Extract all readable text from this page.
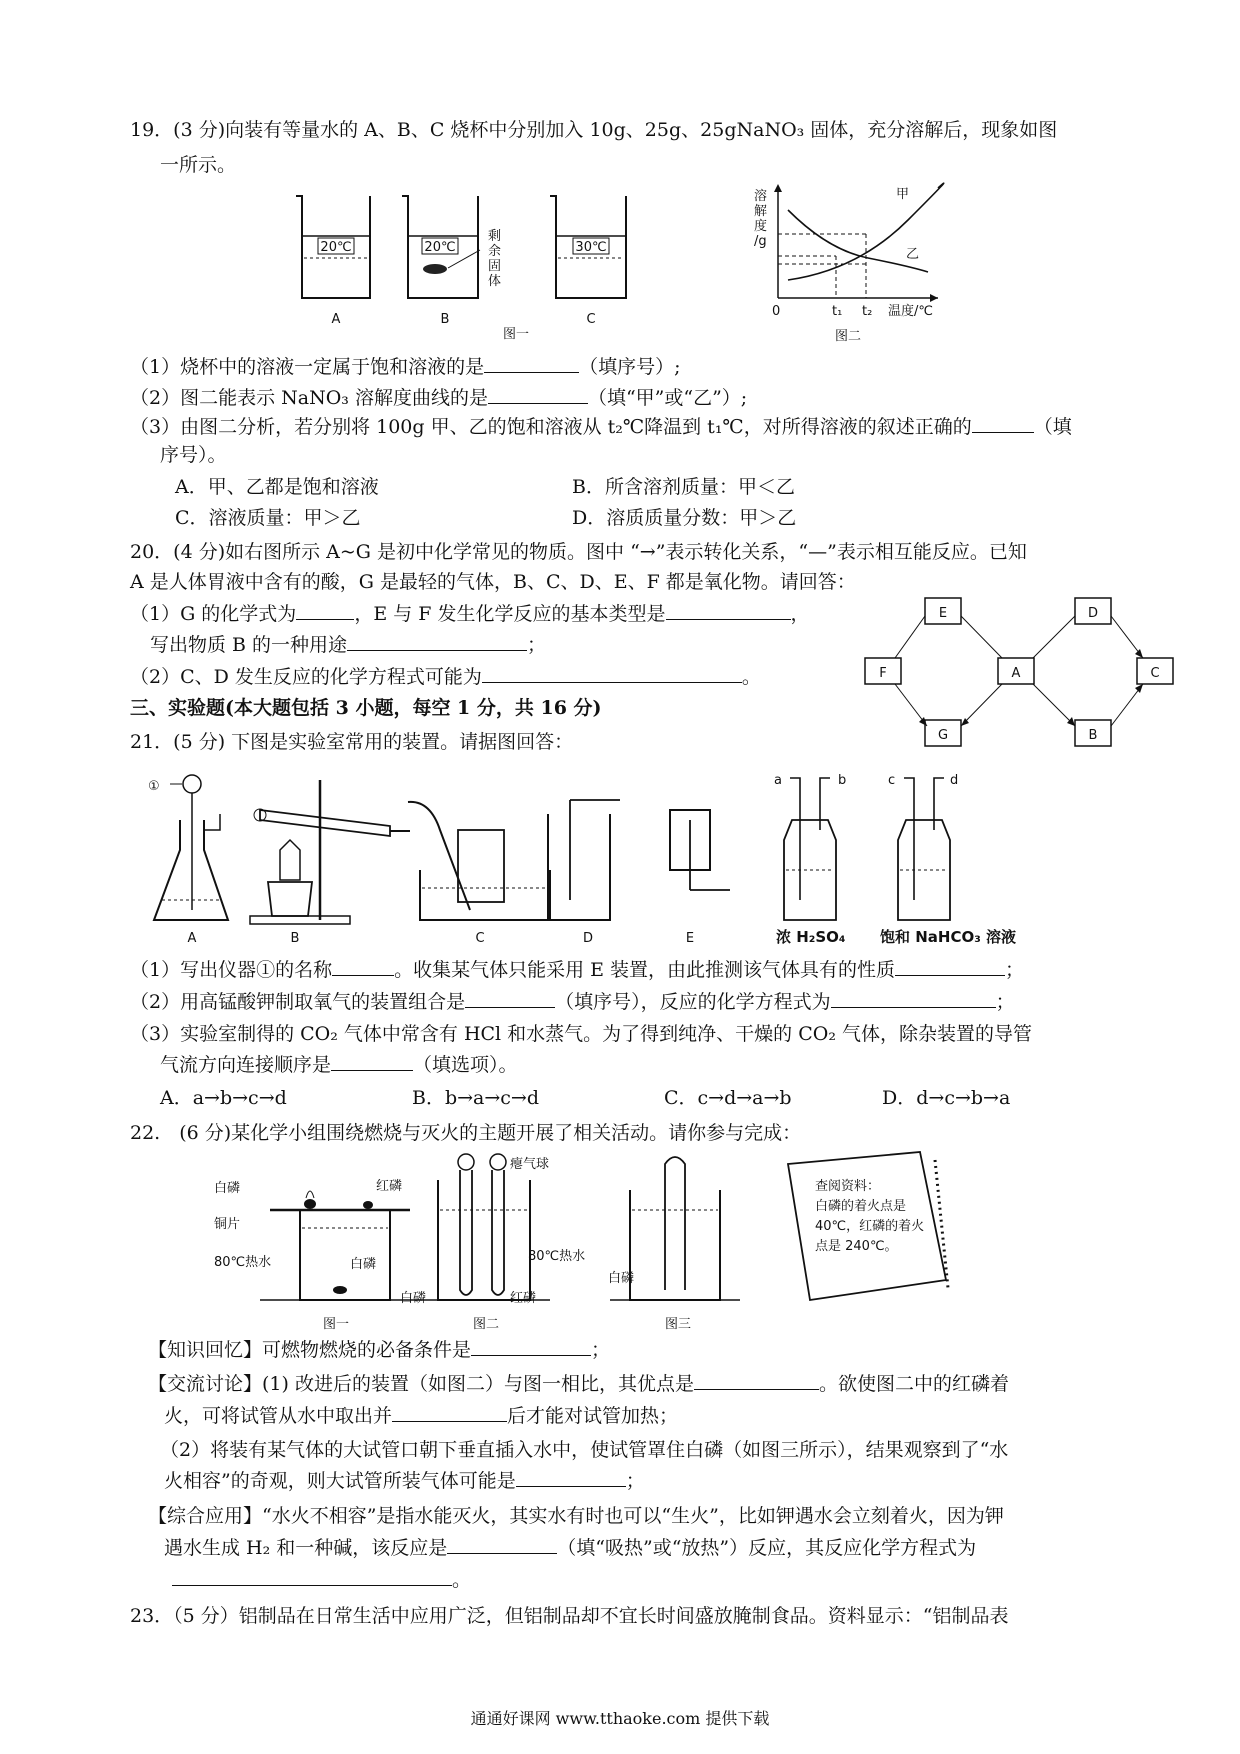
19．(3 分)向装有等量水的 A、B、C 烧杯中分别加入 10g、25g、25gNaNO₃ 固体，充分溶解后，现象如图
一所示。
20℃
A
20℃
B
剩
余
固
体
30℃
C
图一
溶
解
度
/g
甲
乙
0	t₁ t₂ 温度/℃
图二
（1）烧杯中的溶液一定属于饱和溶液的是	（填序号）;
（2）图二能表示 NaNO₃ 溶解度曲线的是	（填“甲”或“乙”）;
（3）由图二分析，若分别将 100g 甲、乙的饱和溶液从 t₂℃降温到 t₁℃，对所得溶液的叙述正确的	（填
序号）。
A．甲、乙都是饱和溶液	B．所含溶剂质量：甲＜乙
C．溶液质量：甲＞乙	D．溶质质量分数：甲＞乙
20．(4 分)如右图所示 A~G 是初中化学常见的物质。图中 “→”表示转化关系，“—”表示相互能反应。已知
A 是人体胃液中含有的酸，G 是最轻的气体，B、C、D、E、F 都是氧化物。请回答：
（1）G 的化学式为	，E 与 F 发生化学反应的基本类型是	，
写出物质 B 的一种用途	；
（2）C、D 发生反应的化学方程式可能为	。
E	D
F	A	C
G	B
三、实验题(本大题包括 3 小题，每空 1 分，共 16 分)
21．(5 分) 下图是实验室常用的装置。请据图回答：
①
A	B	C	D	E
a	b	c	d
浓 H₂SO₄ 饱和 NaHCO₃ 溶液
（1）写出仪器①的名称	。收集某气体只能采用 E 装置，由此推测该气体具有的性质	；
（2）用高锰酸钾制取氧气的装置组合是	（填序号），反应的化学方程式为	；
（3）实验室制得的 CO₂ 气体中常含有 HCl 和水蒸气。为了得到纯净、干燥的 CO₂ 气体，除杂装置的导管
气流方向连接顺序是	（填选项）。
A．a→b→c→d	B．b→a→c→d	C．c→d→a→b	D．d→c→b→a
22.　(6 分)某化学小组围绕燃烧与灭火的主题开展了相关活动。请你参与完成：
白磷
铜片
80℃热水
红磷
白磷
图一
瘪气球
80℃热水
白磷	红磷
图二
白磷
图三
查阅资料：
白磷的着火点是
40℃，红磷的着火
点是 240℃。
【知识回忆】可燃物燃烧的必备条件是	；
【交流讨论】(1) 改进后的装置（如图二）与图一相比，其优点是	。欲使图二中的红磷着
火，可将试管从水中取出并	后才能对试管加热；
（2）将装有某气体的大试管口朝下垂直插入水中，使试管罩住白磷（如图三所示），结果观察到了“水
火相容”的奇观，则大试管所装气体可能是	；
【综合应用】“水火不相容”是指水能灭火，其实水有时也可以“生火”，比如钾遇水会立刻着火，因为钾
遇水生成 H₂ 和一种碱，该反应是	（填“吸热”或“放热”）反应，其反应化学方程式为
。
23．（5 分）铝制品在日常生活中应用广泛，但铝制品却不宜长时间盛放腌制食品。资料显示：“铝制品表
通通好课网 www.tthaoke.com 提供下载
